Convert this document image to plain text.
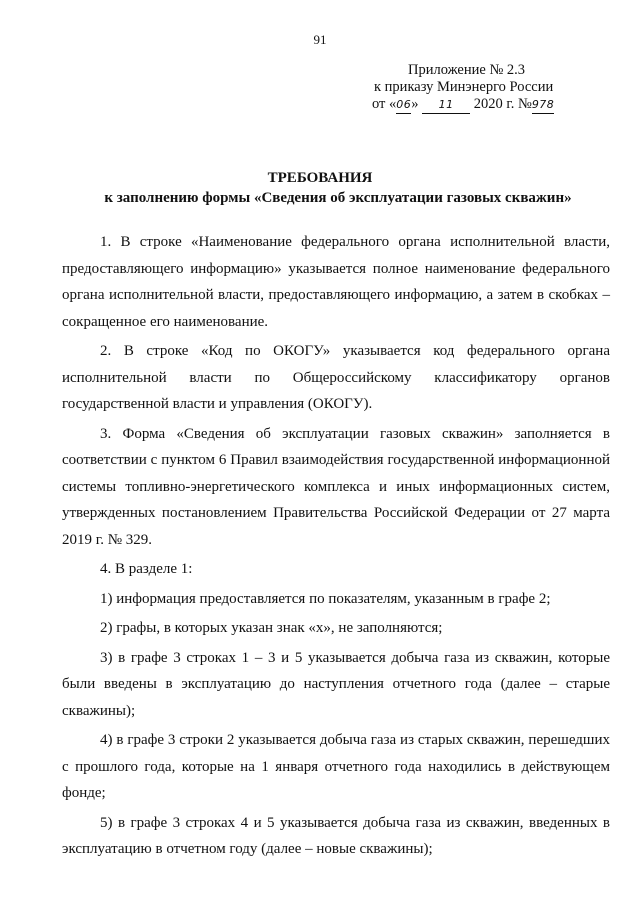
91
Приложение № 2.3
к приказу Минэнерго России
от «06» 11 2020 г. №978
ТРЕБОВАНИЯ
к заполнению формы «Сведения об эксплуатации газовых скважин»

1. В строке «Наименование федерального органа исполнительной власти, предоставляющего информацию» указывается полное наименование федерального органа исполнительной власти, предоставляющего информацию, а затем в скобках – сокращенное его наименование.

2. В строке «Код по ОКОГУ» указывается код федерального органа исполнительной власти по Общероссийскому классификатору органов государственной власти и управления (ОКОГУ).

3. Форма «Сведения об эксплуатации газовых скважин» заполняется в соответствии с пунктом 6 Правил взаимодействия государственной информационной системы топливно-энергетического комплекса и иных информационных систем, утвержденных постановлением Правительства Российской Федерации от 27 марта 2019 г. № 329.

4. В разделе 1:

1) информация предоставляется по показателям, указанным в графе 2;

2) графы, в которых указан знак «х», не заполняются;

3) в графе 3 строках 1 – 3 и 5 указывается добыча газа из скважин, которые были введены в эксплуатацию до наступления отчетного года (далее – старые скважины);

4) в графе 3 строки 2 указывается добыча газа из старых скважин, перешедших с прошлого года, которые на 1 января отчетного года находились в действующем фонде;

5) в графе 3 строках 4 и 5 указывается добыча газа из скважин, введенных в эксплуатацию в отчетном году (далее – новые скважины);
